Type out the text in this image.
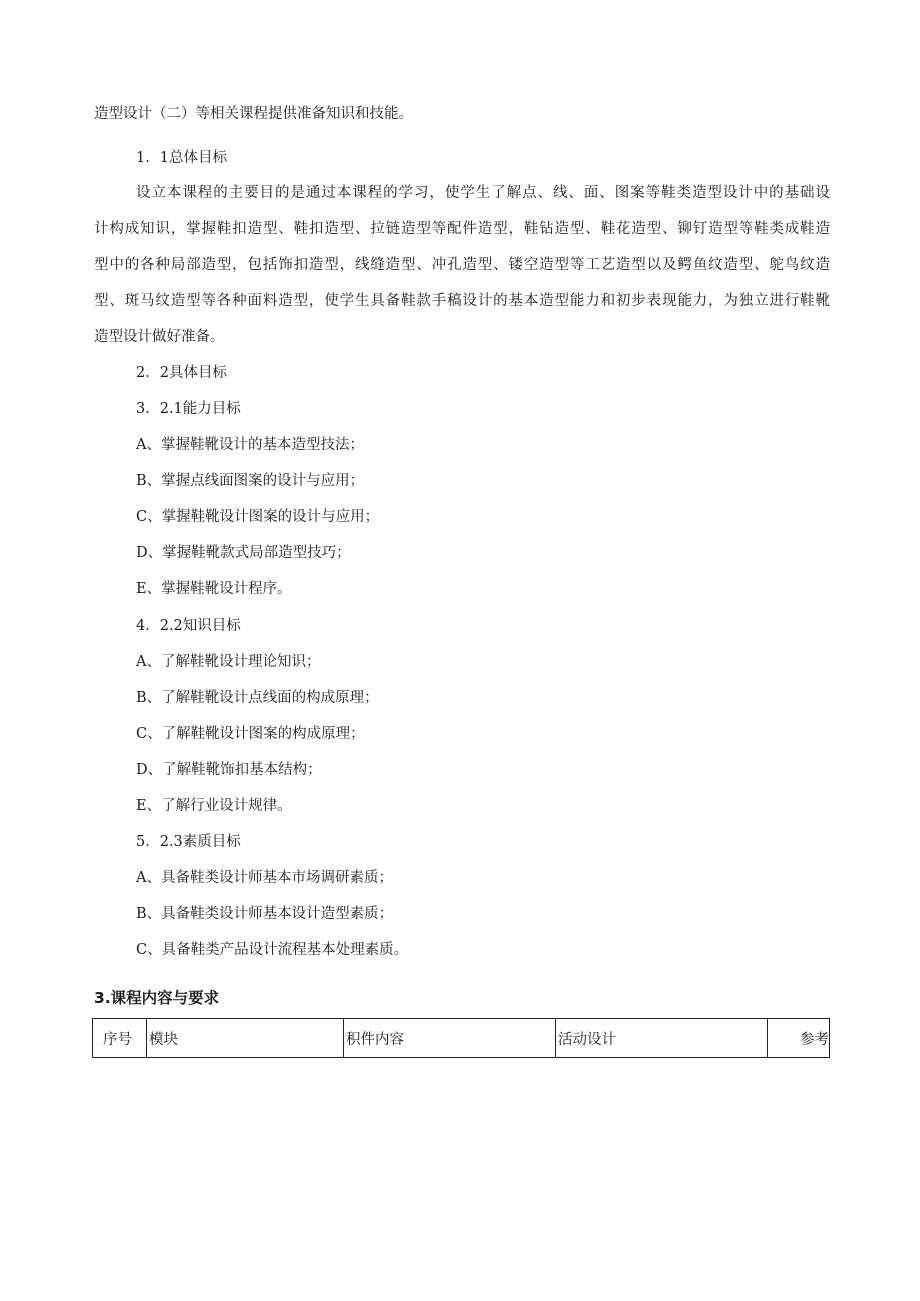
造型设计（二）等相关课程提供准备知识和技能。
1．1总体目标
设立本课程的主要目的是通过本课程的学习，使学生了解点、线、面、图案等鞋类造型设计中的基础设
计构成知识，掌握鞋扣造型、鞋扣造型、拉链造型等配件造型，鞋钻造型、鞋花造型、铆钉造型等鞋类成鞋造
型中的各种局部造型，包括饰扣造型，线缝造型、冲孔造型、镂空造型等工艺造型以及鳄鱼纹造型、鸵鸟纹造
型、斑马纹造型等各种面料造型，使学生具备鞋款手稿设计的基本造型能力和初步表现能力，为独立进行鞋靴
造型设计做好准备。
2．2具体目标
3．2.1能力目标
A、掌握鞋靴设计的基本造型技法；
B、掌握点线面图案的设计与应用；
C、掌握鞋靴设计图案的设计与应用；
D、掌握鞋靴款式局部造型技巧；
E、掌握鞋靴设计程序。
4．2.2知识目标
A、了解鞋靴设计理论知识；
B、了解鞋靴设计点线面的构成原理；
C、了解鞋靴设计图案的构成原理；
D、了解鞋靴饰扣基本结构；
E、了解行业设计规律。
5．2.3素质目标
A、具备鞋类设计师基本市场调研素质；
B、具备鞋类设计师基本设计造型素质；
C、具备鞋类产品设计流程基本处理素质。
3.课程内容与要求
序号	模块	积件内容	活动设计	参考
